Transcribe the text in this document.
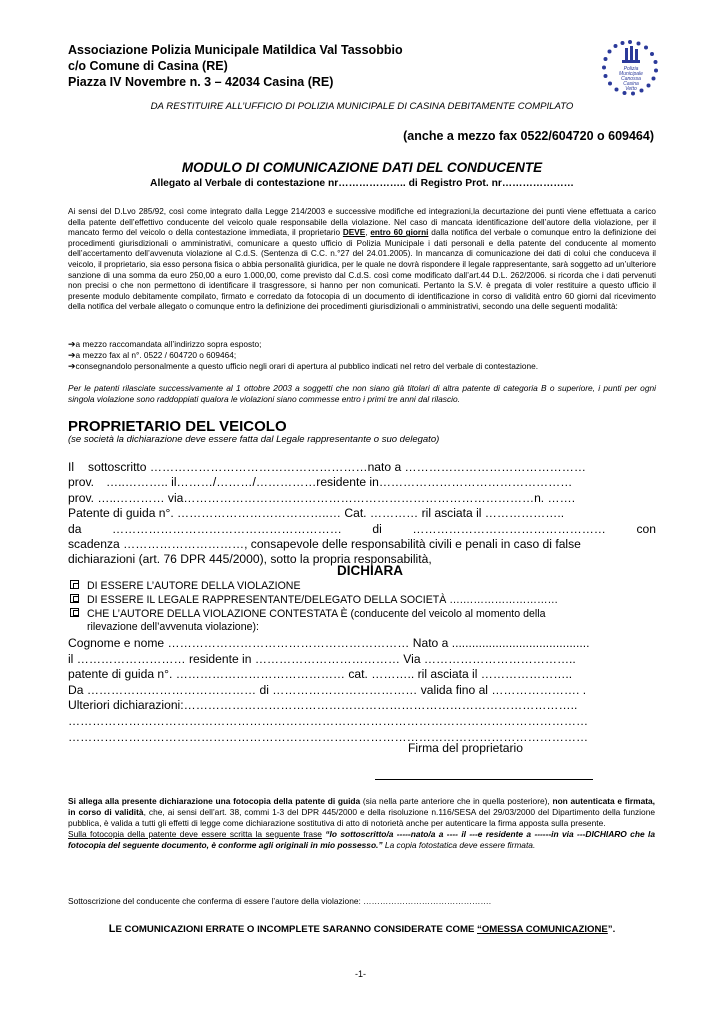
Associazione Polizia Municipale Matildica Val Tassobbio
c/o Comune di Casina (RE)
Piazza IV Novembre n. 3 – 42034 Casina (RE)
Polizia
Municipale
Canossa
Casina
Vetto
DA RESTITUIRE ALL’UFFICIO DI POLIZIA MUNICIPALE DI CASINA DEBITAMENTE COMPILATO
(anche a mezzo fax 0522/604720 o 609464)
MODULO DI COMUNICAZIONE DATI DEL CONDUCENTE
Allegato al Verbale di contestazione nr……………….. di Registro Prot. nr…………………
Ai sensi del D.Lvo 285/92, così come integrato dalla Legge 214/2003 e successive modifiche ed integrazioni,la decurtazione dei punti viene effettuata a carico della patente dell’effettivo conducente del veicolo quale responsabile della violazione. Nel caso di mancata identificazione dell’autore della violazione, per il mancato fermo del veicolo o della contestazione immediata, il proprietario DEVE, entro 60 giorni dalla notifica del verbale o comunque entro la definizione dei procedimenti giurisdizionali o amministrativi, comunicare a questo ufficio di Polizia Municipale i dati personali e della patente del conducente al momento dell’accertamento dell’avvenuta violazione al C.d.S. (Sentenza di C.C. n.°27 del 24.01.2005). In mancanza di comunicazione dei dati di colui che conduceva il veicolo, il proprietario, sia esso persona fisica o abbia personalità giuridica, per le quale ne dovrà rispondere il legale rappresentante, sarà soggetto ad un’ulteriore sanzione di una somma da euro 250,00 a euro 1.000,00, come previsto dal C.d.S. così come modificato dall’art.44 D.L. 262/2006. si ricorda che i dati pervenuti non precisi o che non permettono di identificare il trasgressore, si hanno per non comunicati. Pertanto la S.V. è pregata di voler restituire a questo ufficio il presente modulo debitamente compilato, firmato e corredato da fotocopia di un documento di identificazione in corso di validità entro 60 giorni dal ricevimento della notifica del verbale allegato o comunque entro la definizione dei procedimenti giurisdizionali o amministrativi, secondo una delle seguenti modalità:
➔a mezzo raccomandata all’indirizzo sopra esposto;
➔a mezzo fax al n°. 0522 / 604720 o 609464;
➔consegnandolo personalmente a questo ufficio negli orari di apertura al pubblico indicati nel retro del verbale di contestazione.
Per le patenti rilasciate successivamente al 1 ottobre 2003 a soggetti che non siano già titolari di altra patente di categoria B o superiore, i punti per ogni singola violazione sono raddoppiati qualora le violazioni siano commesse entro i primi tre anni dal rilascio.
PROPRIETARIO DEL VEICOLO
(se società la dichiarazione deve essere fatta dal Legale rappresentante o suo delegato)
Il	sottoscritto ………………………………………………nato a ………………………………………
prov. …..……….. il………/………/……………residente in…………………………………………
prov. …..………… via……………………………………………………………………………n. …….
Patente di guida n°. ………………………………..… Cat. ………… ril asciata il ………………..
da	…………………………………………………	di	…………………………………………	con
scadenza …………………………, consapevole delle responsabilità civili e penali in caso di false
dichiarazioni (art. 76 DPR 445/2000), sotto la propria responsabilità,
DICHIARA
DI ESSERE L’AUTORE DELLA VIOLAZIONE
DI ESSERE IL LEGALE RAPPRESENTANTE/DELEGATO DELLA SOCIETÀ ….………………………
CHE L’AUTORE DELLA VIOLAZIONE CONTESTATA È (conducente del veicolo al momento della
rilevazione dell’avvenuta violazione):
Cognome e nome …………………………………………………… Nato a .........................................
il ……………………… residente in ……………………………… Via ………………………………..
patente di guida n°. …………………………………… cat. ……….. ril asciata il …………………..
Da …………………………………… di ……………………………… valida fino al …………………. .
Ulteriori dichiarazioni:……………………………………………………………………………………..
…………………………………………………………………………………………………………………
…………………………………………………………………………………………………………………
Firma del proprietario
Si allega alla presente dichiarazione una fotocopia della patente di guida (sia nella parte anteriore che in quella posteriore), non autenticata e firmata, in corso di validità, che, ai sensi dell’art. 38, commi 1-3 del DPR 445/2000 e della risoluzione n.116/SESA del 29/03/2000 del Dipartimento della funzione pubblica, è valida a tutti gli effetti di legge come dichiarazione sostitutiva di atto di notorietà anche per autenticare la firma apposta sulla presente.
Sulla fotocopia della patente deve essere scritta la seguente frase “Io sottoscritto/a -----nato/a a ---- il ---e residente a ------in via ---DICHIARO che la fotocopia del seguente documento, è conforme agli originali in mio possesso.” La copia fotostatica deve essere firmata.
Sottoscrizione del conducente che conferma di essere l’autore della violazione: ……………………………………….
LE COMUNICAZIONI ERRATE O INCOMPLETE SARANNO CONSIDERATE COME “OMESSA COMUNICAZIONE”.
-1-
